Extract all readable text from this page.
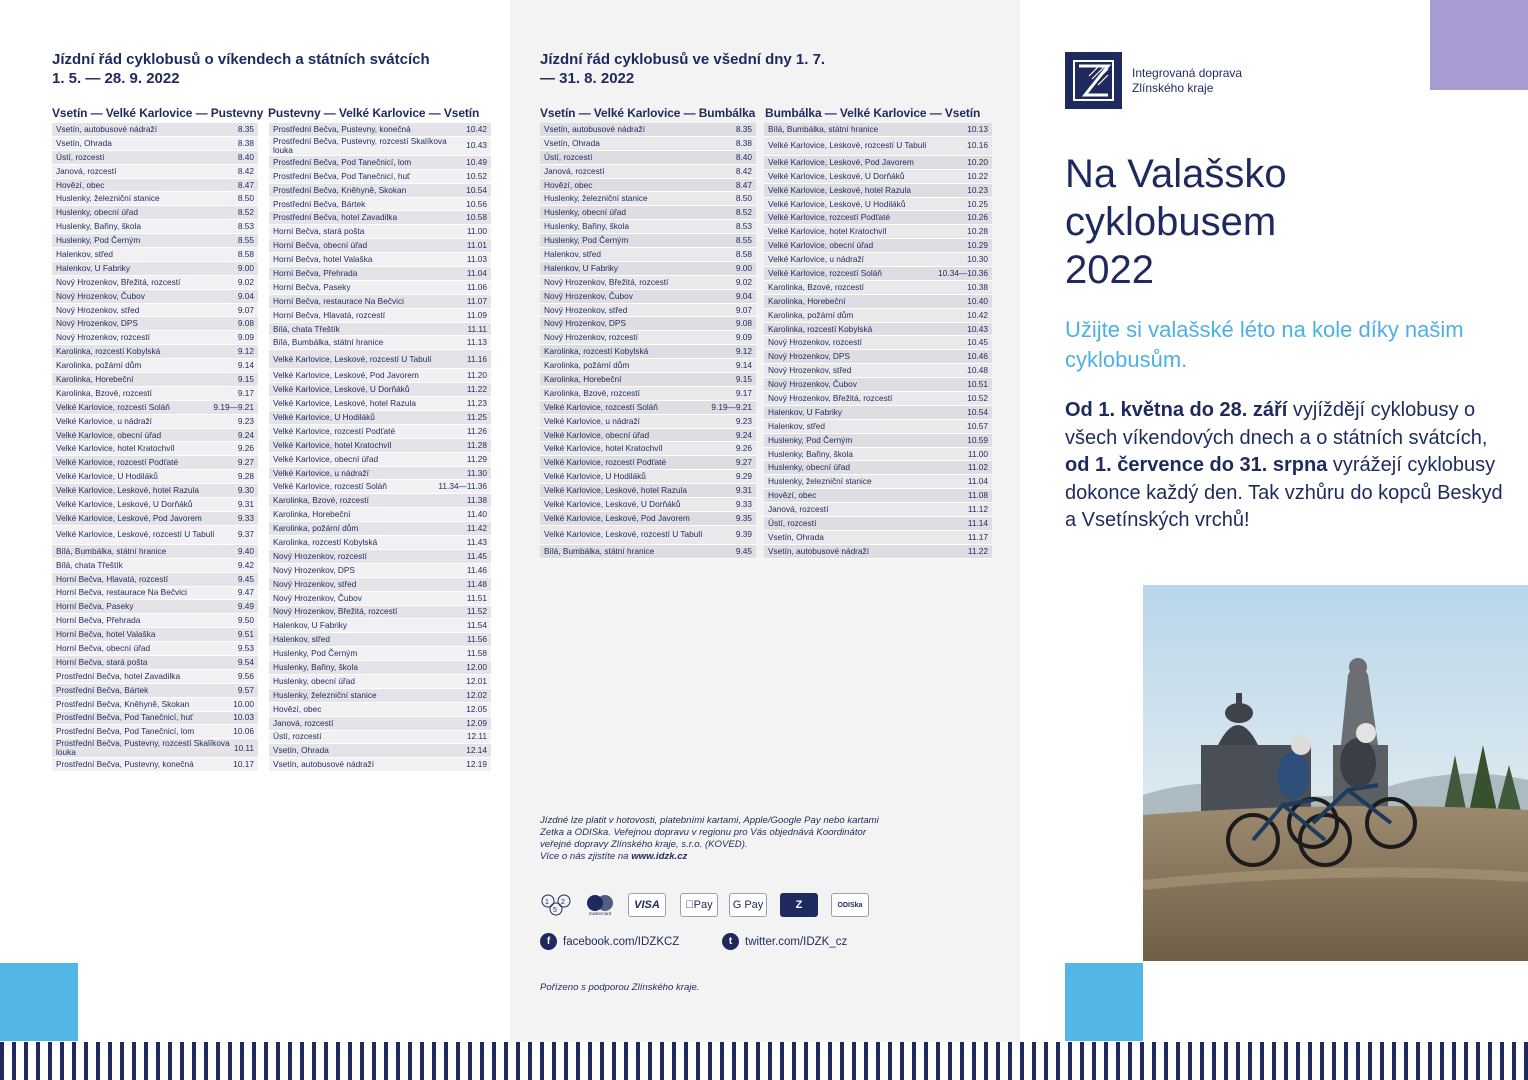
Jízdní řád cyklobusů o víkendech a státních svátcích 1. 5. — 28. 9. 2022
Vsetín — Velké Karlovice — Pustevny Pustevny — Velké Karlovice — Vsetín
Vsetín, autobusové nádraží	8.35
Vsetín, Ohrada	8.38
Ústí, rozcestí	8.40
Janová, rozcestí	8.42
Hovězí, obec	8.47
Huslenky, železniční stanice	8.50
Huslenky, obecní úřad	8.52
Huslenky, Bařiny, škola	8.53
Huslenky, Pod Černým	8.55
Halenkov, střed	8.58
Halenkov, U Fabriky	9.00
Nový Hrozenkov, Břežitá, rozcestí	9.02
Nový Hrozenkov, Čubov	9.04
Nový Hrozenkov, střed	9.07
Nový Hrozenkov, DPS	9.08
Nový Hrozenkov, rozcestí	9.09
Karolinka, rozcestí Kobylská	9.12
Karolinka, požární dům	9.14
Karolinka, Horebeční	9.15
Karolinka, Bzové, rozcestí	9.17
Velké Karlovice, rozcestí Soláň	9.19—9.21
Velké Karlovice, u nádraží	9.23
Velké Karlovice, obecní úřad	9.24
Velké Karlovice, hotel Kratochvíl	9.26
Velké Karlovice, rozcestí Podťaté	9.27
Velké Karlovice, U Hodiláků	9.28
Velké Karlovice, Leskové, hotel Razula	9.30
Velké Karlovice, Leskové, U Dorňáků	9.31
Velké Karlovice, Leskové, Pod Javorem	9.33
Velké Karlovice, Leskové, rozcestí U Tabulí	9.37
Bílá, Bumbálka, státní hranice	9.40
Bílá, chata Třeštík	9.42
Horní Bečva, Hlavatá, rozcestí	9.45
Horní Bečva, restaurace Na Bečvici	9.47
Horní Bečva, Paseky	9.49
Horní Bečva, Přehrada	9.50
Horní Bečva, hotel Valaška	9.51
Horní Bečva, obecní úřad	9.53
Horní Bečva, stará pošta	9.54
Prostřední Bečva, hotel Zavadilka	9.56
Prostřední Bečva, Bártek	9.57
Prostřední Bečva, Kněhyně, Skokan	10.00
Prostřední Bečva, Pod Tanečnicí, huť	10.03
Prostřední Bečva, Pod Tanečnicí, lom	10.06
Prostřední Bečva, Pustevny, rozcestí Skalíkova louka	10.11
Prostřední Bečva, Pustevny, konečná	10.17
Prostřední Bečva, Pustevny, konečná	10.42
Prostřední Bečva, Pustevny, rozcestí Skalíkova louka	10.43
Prostřední Bečva, Pod Tanečnicí, lom	10.49
Prostřední Bečva, Pod Tanečnicí, huť	10.52
Prostřední Bečva, Kněhyně, Skokan	10.54
Prostřední Bečva, Bártek	10.56
Prostřední Bečva, hotel Zavadilka	10.58
Horní Bečva, stará pošta	11.00
Horní Bečva, obecní úřad	11.01
Horní Bečva, hotel Valaška	11.03
Horní Bečva, Přehrada	11.04
Horní Bečva, Paseky	11.06
Horní Bečva, restaurace Na Bečvici	11.07
Horní Bečva, Hlavatá, rozcestí	11.09
Bílá, chata Třeštík	11.11
Bílá, Bumbálka, státní hranice	11.13
Velké Karlovice, Leskové, rozcestí U Tabulí	11.16
Velké Karlovice, Leskové, Pod Javorem	11.20
Velké Karlovice, Leskové, U Dorňáků	11.22
Velké Karlovice, Leskové, hotel Razula	11.23
Velké Karlovice, U Hodiláků	11.25
Velké Karlovice, rozcestí Podťaté	11.26
Velké Karlovice, hotel Kratochvíl	11.28
Velké Karlovice, obecní úřad	11.29
Velké Karlovice, u nádraží	11.30
Velké Karlovice, rozcestí Soláň	11.34—11.36
Karolinka, Bzové, rozcestí	11.38
Karolinka, Horebeční	11.40
Karolinka, požární dům	11.42
Karolinka, rozcestí Kobylská	11.43
Nový Hrozenkov, rozcestí	11.45
Nový Hrozenkov, DPS	11.46
Nový Hrozenkov, střed	11.48
Nový Hrozenkov, Čubov	11.51
Nový Hrozenkov, Břežitá, rozcestí	11.52
Halenkov, U Fabriky	11.54
Halenkov, střed	11.56
Huslenky, Pod Černým	11.58
Huslenky, Bařiny, škola	12.00
Huslenky, obecní úřad	12.01
Huslenky, železniční stanice	12.02
Hovězí, obec	12.05
Janová, rozcestí	12.09
Ústí, rozcestí	12.11
Vsetín, Ohrada	12.14
Vsetín, autobusové nádraží	12.19
Jízdní řád cyklobusů ve všední dny 1. 7. — 31. 8. 2022
Vsetín — Velké Karlovice — Bumbálka Bumbálka — Velké Karlovice — Vsetín
Vsetín, autobusové nádraží	8.35
Vsetín, Ohrada	8.38
Ústí, rozcestí	8.40
Janová, rozcestí	8.42
Hovězí, obec	8.47
Huslenky, železniční stanice	8.50
Huslenky, obecní úřad	8.52
Huslenky, Bařiny, škola	8.53
Huslenky, Pod Černým	8.55
Halenkov, střed	8.58
Halenkov, U Fabriky	9.00
Nový Hrozenkov, Břežitá, rozcestí	9.02
Nový Hrozenkov, Čubov	9.04
Nový Hrozenkov, střed	9.07
Nový Hrozenkov, DPS	9.08
Nový Hrozenkov, rozcestí	9.09
Karolinka, rozcestí Kobylská	9.12
Karolinka, požární dům	9.14
Karolinka, Horebeční	9.15
Karolinka, Bzové, rozcestí	9.17
Velké Karlovice, rozcestí Soláň	9.19—9.21
Velké Karlovice, u nádraží	9.23
Velké Karlovice, obecní úřad	9.24
Velké Karlovice, hotel Kratochvíl	9.26
Velké Karlovice, rozcestí Podťaté	9.27
Velké Karlovice, U Hodiláků	9.29
Velké Karlovice, Leskové, hotel Razula	9.31
Velké Karlovice, Leskové, U Dorňáků	9.33
Velké Karlovice, Leskové, Pod Javorem	9.35
Velké Karlovice, Leskové, rozcestí U Tabulí	9.39
Bílá, Bumbálka, státní hranice	9.45
Bílá, Bumbálka, státní hranice	10.13
Velké Karlovice, Leskové, rozcestí U Tabulí	10.16
Velké Karlovice, Leskové, Pod Javorem	10.20
Velké Karlovice, Leskové, U Dorňáků	10.22
Velké Karlovice, Leskové, hotel Razula	10.23
Velké Karlovice, Leskové, U Hodiláků	10.25
Velké Karlovice, rozcestí Podťaté	10.26
Velké Karlovice, hotel Kratochvíl	10.28
Velké Karlovice, obecní úřad	10.29
Velké Karlovice, u nádraží	10.30
Velké Karlovice, rozcestí Soláň	10.34—10.36
Karolinka, Bzové, rozcestí	10.38
Karolinka, Horebeční	10.40
Karolinka, požární dům	10.42
Karolinka, rozcestí Kobylská	10.43
Nový Hrozenkov, rozcestí	10.45
Nový Hrozenkov, DPS	10.46
Nový Hrozenkov, střed	10.48
Nový Hrozenkov, Čubov	10.51
Nový Hrozenkov, Břežitá, rozcestí	10.52
Halenkov, U Fabriky	10.54
Halenkov, střed	10.57
Huslenky, Pod Černým	10.59
Huslenky, Bařiny, škola	11.00
Huslenky, obecní úřad	11.02
Huslenky, železniční stanice	11.04
Hovězí, obec	11.08
Janová, rozcestí	11.12
Ústí, rozcestí	11.14
Vsetín, Ohrada	11.17
Vsetín, autobusové nádraží	11.22
Jízdné lze platit v hotovosti, platebními kartami, Apple/Google Pay nebo kartami Zetka a ODISka. Veřejnou dopravu v regionu pro Vás objednává Koordinátor veřejné dopravy Zlínského kraje, s.r.o. (KOVED).
Více o nás zjistíte na www.idzk.cz
1
5
2
mastercard
VISA	Pay	G Pay	Z	ODISka
f	facebook.com/IDZKCZ	t	twitter.com/IDZK_cz
Pořízeno s podporou Zlínského kraje.
Integrovaná doprava
Zlínského kraje
Na Valašsko
cyklobusem
2022
Užijte si valašské léto na kole díky našim cyklobusům.
Od 1. května do 28. září vyjíždějí cyklobusy o všech víkendových dnech a o státních svátcích,
od 1. července do 31. srpna vyrážejí cyklobusy dokonce každý den. Tak vzhůru do kopců Beskyd a Vsetínských vrchů!
